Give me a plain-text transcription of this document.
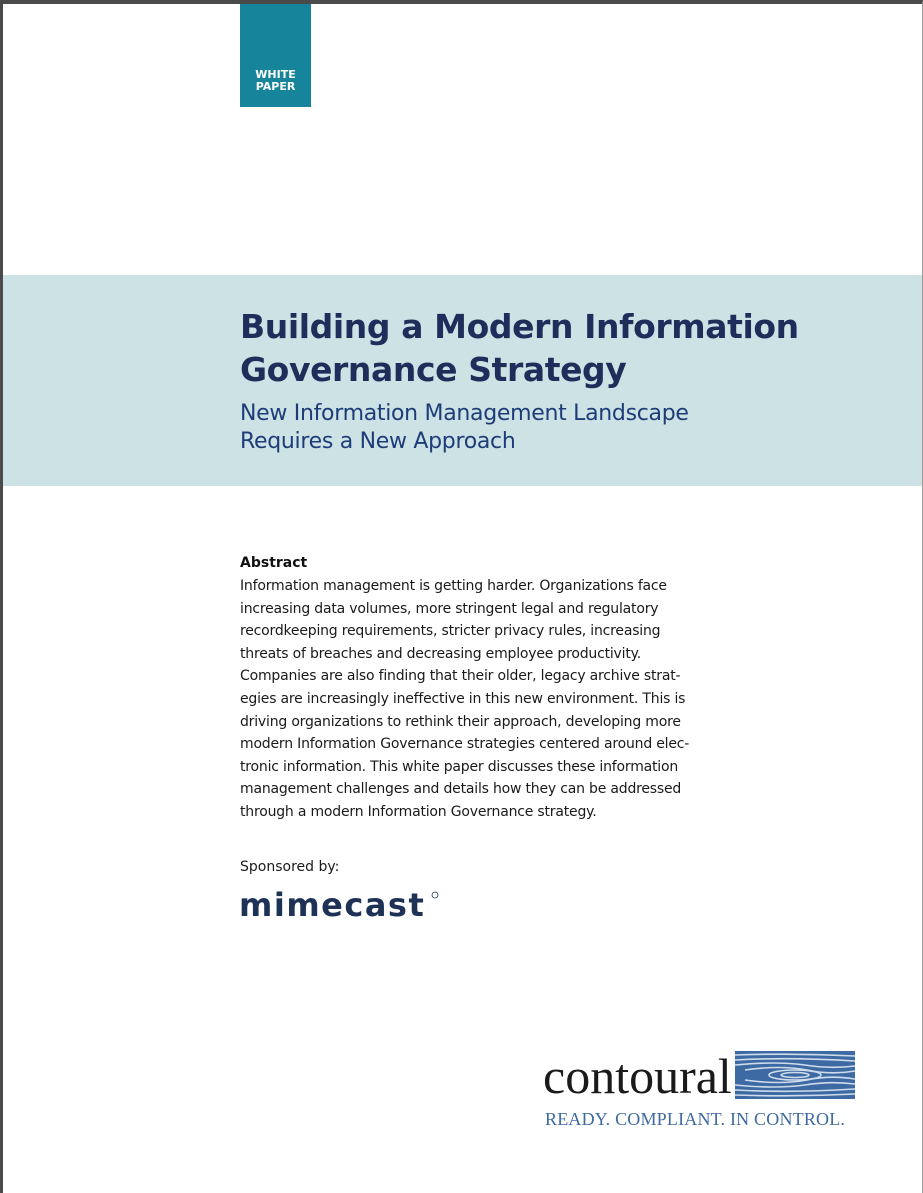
WHITE
PAPER
Building a Modern Information
Governance Strategy
New Information Management Landscape
Requires a New Approach
Abstract
Information management is getting harder. Organizations face
increasing data volumes, more stringent legal and regulatory
recordkeeping requirements, stricter privacy rules, increasing
threats of breaches and decreasing employee productivity.
Companies are also finding that their older, legacy archive strat-
egies are increasingly ineffective in this new environment. This is
driving organizations to rethink their approach, developing more
modern Information Governance strategies centered around elec-
tronic information. This white paper discusses these information
management challenges and details how they can be addressed
through a modern Information Governance strategy.
Sponsored by:
mimecast
contoural
READY. COMPLIANT. IN CONTROL.
